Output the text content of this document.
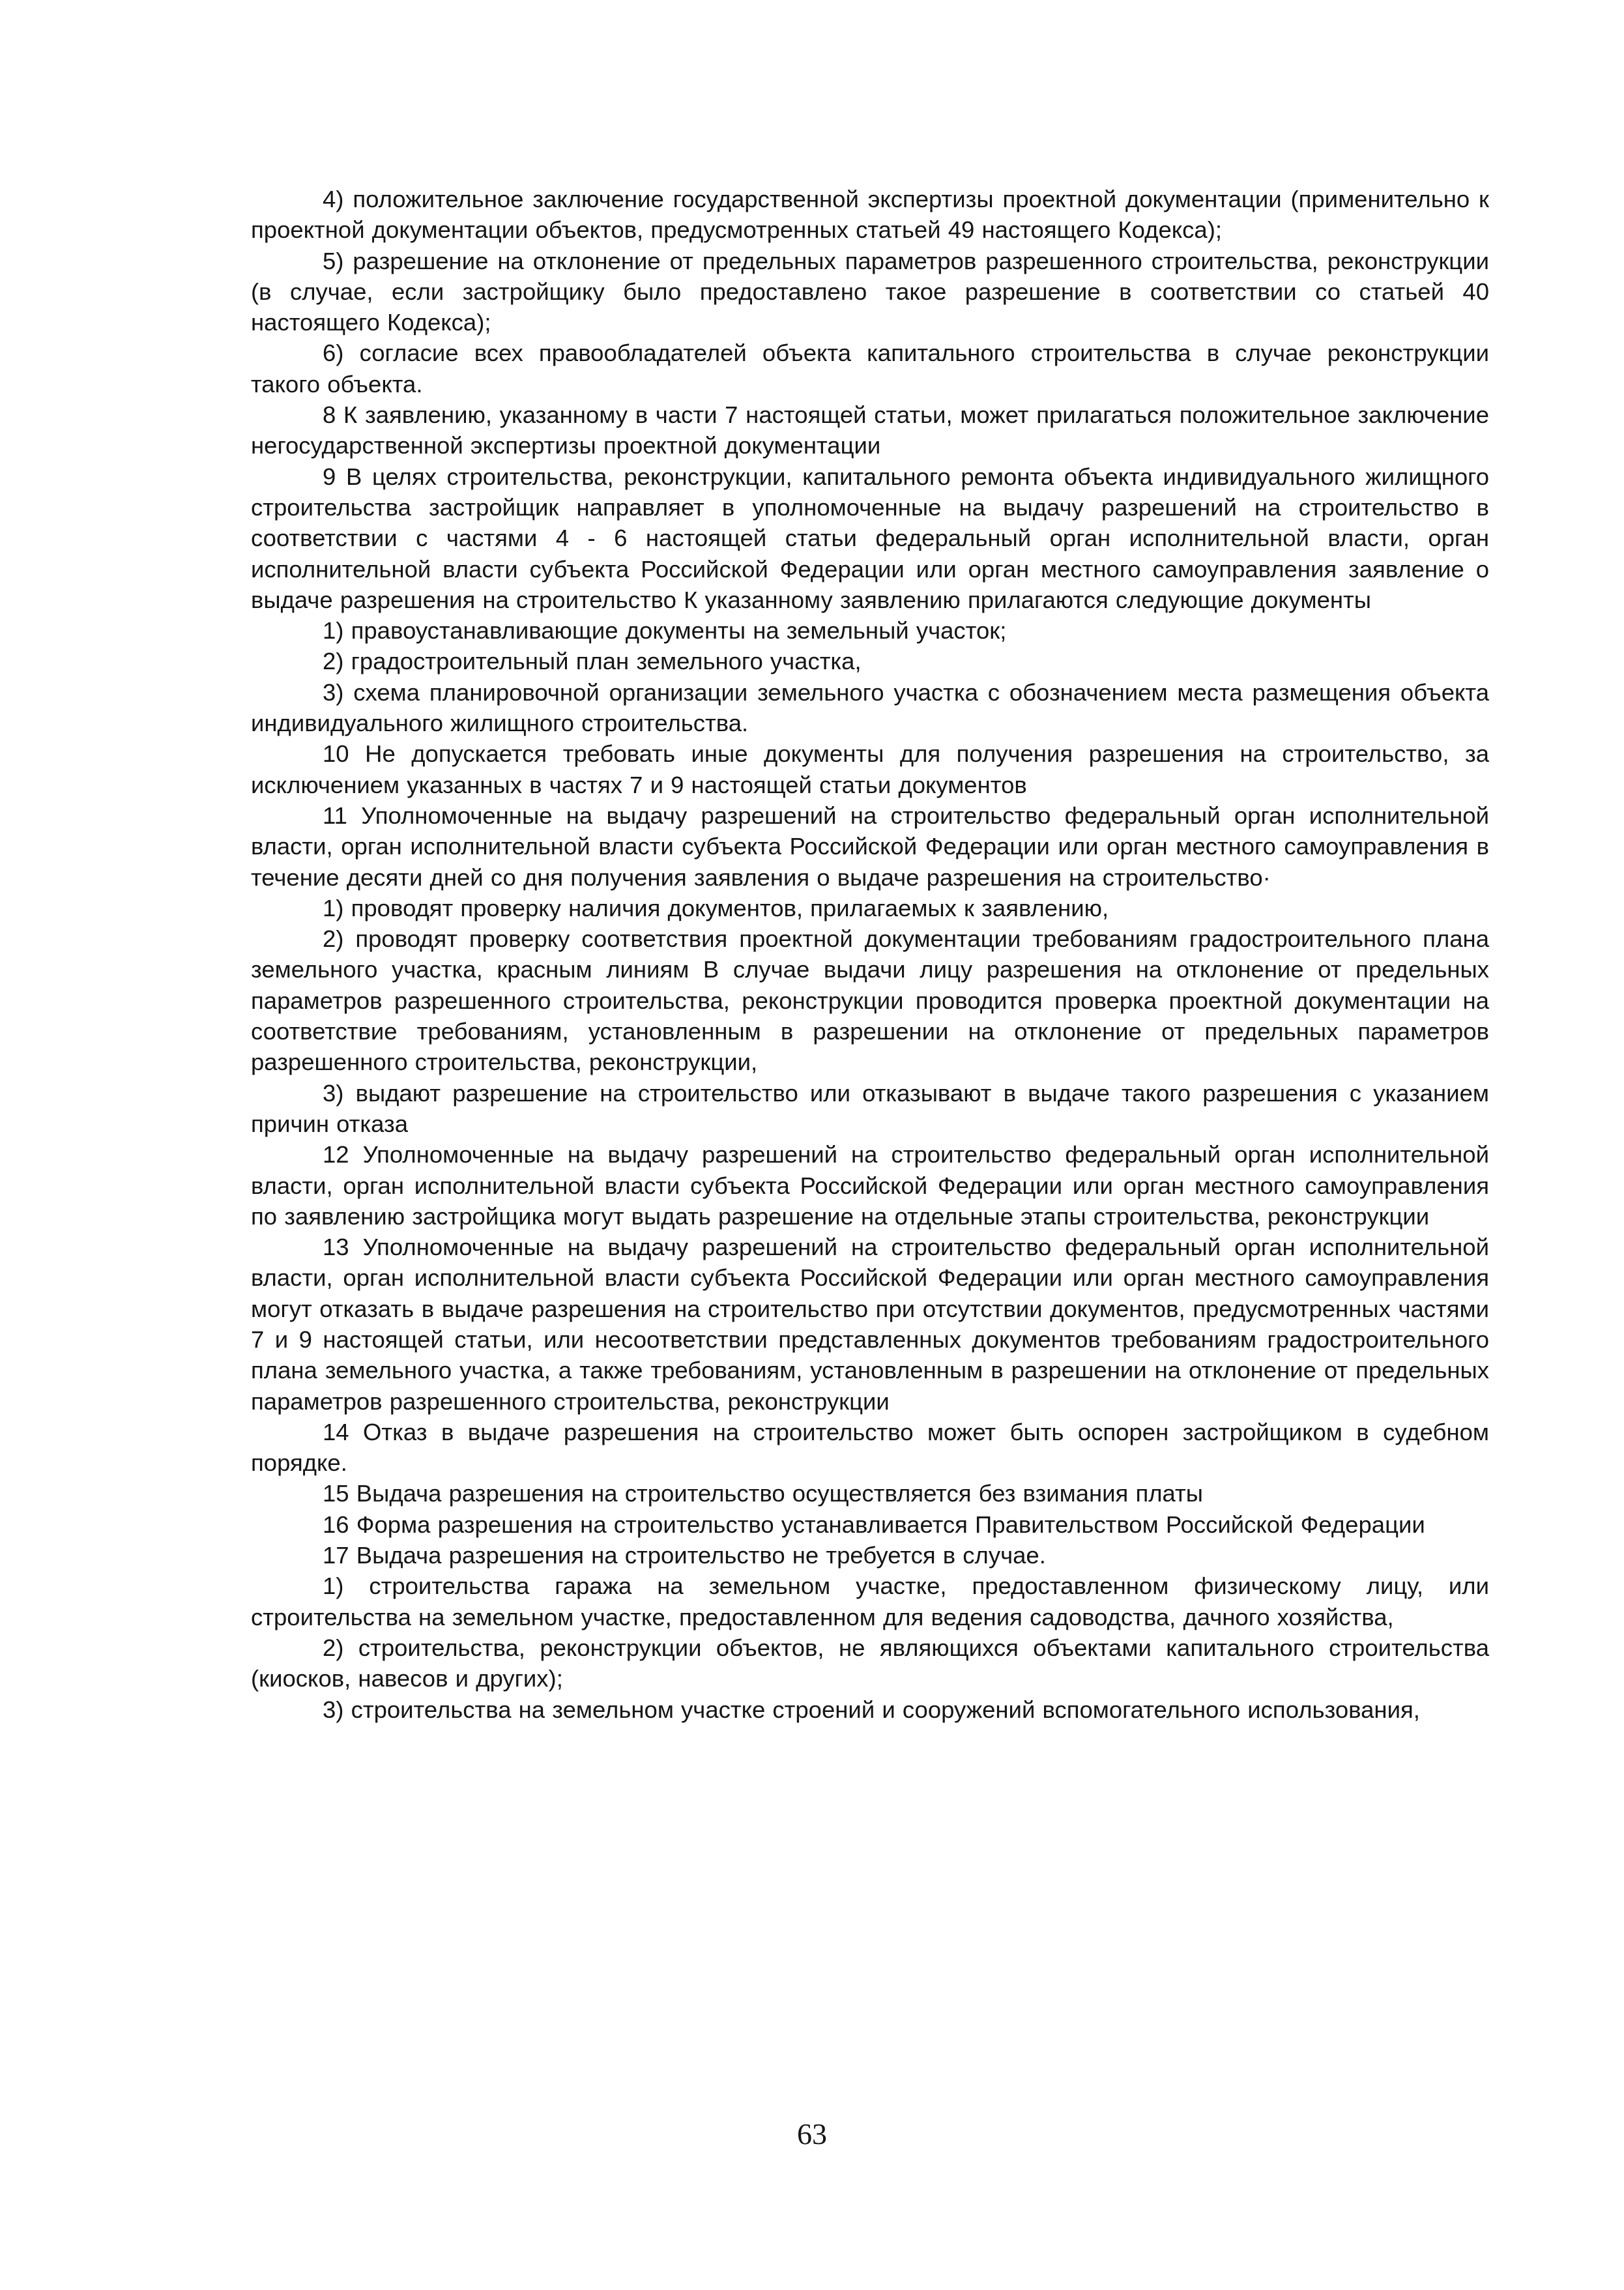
4) положительное заключение государственной экспертизы проектной документации (применительно к проектной документации объектов, предусмотренных статьей 49 настоящего Кодекса);

5) разрешение на отклонение от предельных параметров разрешенного строительства, реконструкции (в случае, если застройщику было предоставлено такое разрешение в соответствии со статьей 40 настоящего Кодекса);

6) согласие всех правообладателей объекта капитального строительства в случае реконструкции такого объекта.

8 К заявлению, указанному в части 7 настоящей статьи, может прилагаться положительное заключение негосударственной экспертизы проектной документации

9 В целях строительства, реконструкции, капитального ремонта объекта индивидуального жилищного строительства застройщик направляет в уполномоченные на выдачу разрешений на строительство в соответствии с частями 4 - 6 настоящей статьи федеральный орган исполнительной власти, орган исполнительной власти субъекта Российской Федерации или орган местного самоуправления заявление о выдаче разрешения на строительство К указанному заявлению прилагаются следующие документы

1) правоустанавливающие документы на земельный участок;

2) градостроительный план земельного участка,

3) схема планировочной организации земельного участка с обозначением места размещения объекта индивидуального жилищного строительства.

10 Не допускается требовать иные документы для получения разрешения на строительство, за исключением указанных в частях 7 и 9 настоящей статьи документов

11 Уполномоченные на выдачу разрешений на строительство федеральный орган исполнительной власти, орган исполнительной власти субъекта Российской Федерации или орган местного самоуправления в течение десяти дней со дня получения заявления о выдаче разрешения на строительство·

1) проводят проверку наличия документов, прилагаемых к заявлению,

2) проводят проверку соответствия проектной документации требованиям градостроительного плана земельного участка, красным линиям В случае выдачи лицу разрешения на отклонение от предельных параметров разрешенного строительства, реконструкции проводится проверка проектной документации на соответствие требованиям, установленным в разрешении на отклонение от предельных параметров разрешенного строительства, реконструкции,

3) выдают разрешение на строительство или отказывают в выдаче такого разрешения с указанием причин отказа

12 Уполномоченные на выдачу разрешений на строительство федеральный орган исполнительной власти, орган исполнительной власти субъекта Российской Федерации или орган местного самоуправления по заявлению застройщика могут выдать разрешение на отдельные этапы строительства, реконструкции

13 Уполномоченные на выдачу разрешений на строительство федеральный орган исполнительной власти, орган исполнительной власти субъекта Российской Федерации или орган местного самоуправления могут отказать в выдаче разрешения на строительство при отсутствии документов, предусмотренных частями 7 и 9 настоящей статьи, или несоответствии представленных документов требованиям градостроительного плана земельного участка, а также требованиям, установленным в разрешении на отклонение от предельных параметров разрешенного строительства, реконструкции

14 Отказ в выдаче разрешения на строительство может быть оспорен застройщиком в судебном порядке.

15 Выдача разрешения на строительство осуществляется без взимания платы

16 Форма разрешения на строительство устанавливается Правительством Российской Федерации

17 Выдача разрешения на строительство не требуется в случае.

1) строительства гаража на земельном участке, предоставленном физическому лицу, или строительства на земельном участке, предоставленном для ведения садоводства, дачного хозяйства,

2) строительства, реконструкции объектов, не являющихся объектами капитального строительства (киосков, навесов и других);

3) строительства на земельном участке строений и сооружений вспомогательного использования,

63
